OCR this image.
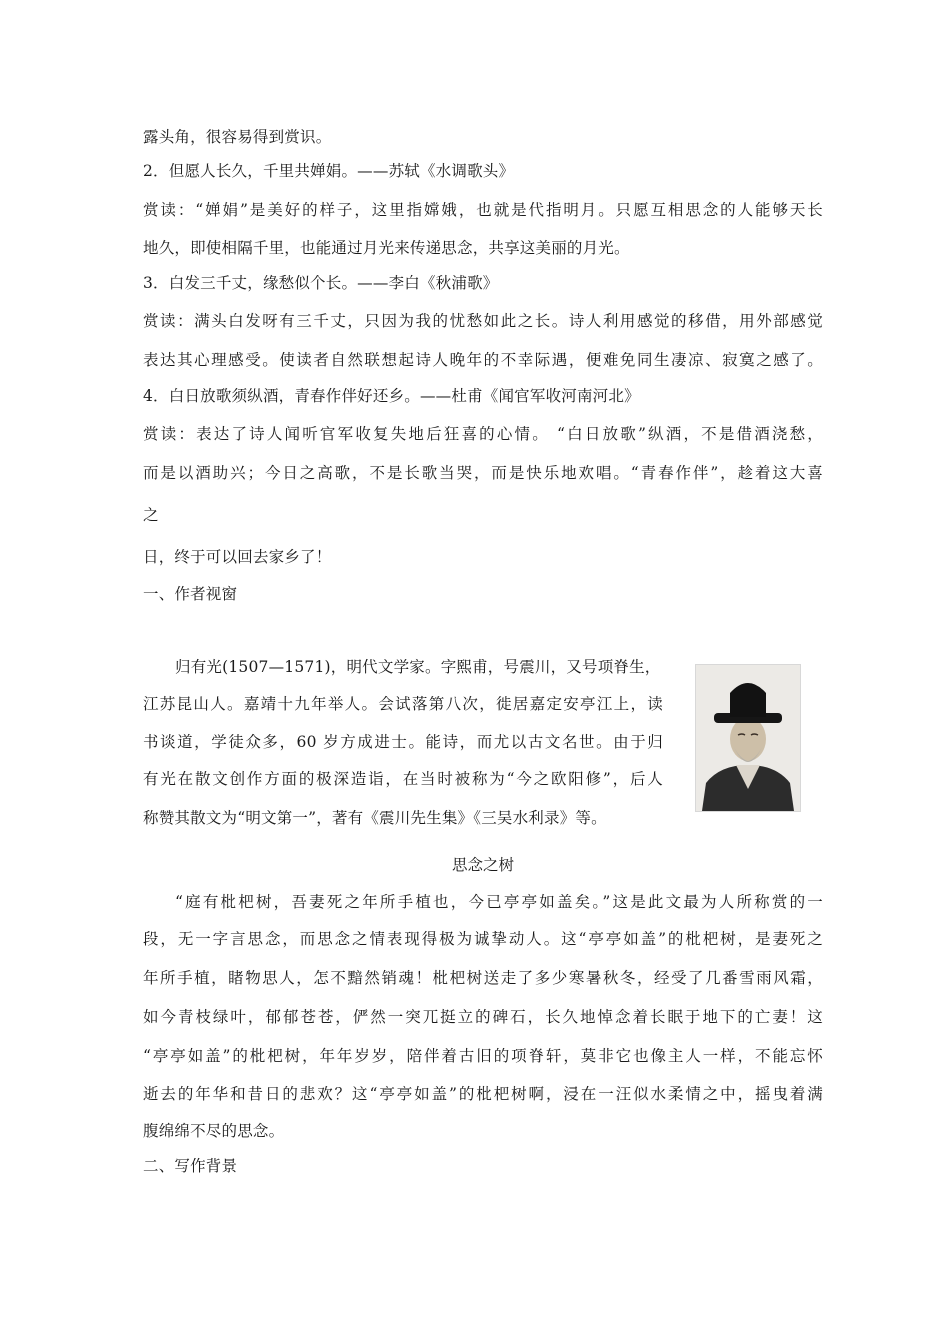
露头角，很容易得到赏识。
2．但愿人长久，千里共婵娟。——苏轼《水调歌头》
赏读：“婵娟”是美好的样子，这里指嫦娥，也就是代指明月。只愿互相思念的人能够天长
地久，即使相隔千里，也能通过月光来传递思念，共享这美丽的月光。
3．白发三千丈，缘愁似个长。——李白《秋浦歌》
赏读：满头白发呀有三千丈，只因为我的忧愁如此之长。诗人利用感觉的移借，用外部感觉
表达其心理感受。使读者自然联想起诗人晚年的不幸际遇，便难免同生凄凉、寂寞之感了。
4．白日放歌须纵酒，青春作伴好还乡。——杜甫《闻官军收河南河北》
赏读：表达了诗人闻听官军收复失地后狂喜的心情。 “白日放歌”纵酒，不是借酒浇愁，
而是以酒助兴；今日之高歌，不是长歌当哭，而是快乐地欢唱。“青春作伴”，趁着这大喜
之
日，终于可以回去家乡了！
一、作者视窗
归有光(1507—1571)，明代文学家。字熙甫，号震川，又号项脊生，
江苏昆山人。嘉靖十九年举人。会试落第八次，徙居嘉定安亭江上，读
书谈道，学徒众多，60 岁方成进士。能诗，而尤以古文名世。由于归
有光在散文创作方面的极深造诣，在当时被称为“今之欧阳修”，后人
称赞其散文为“明文第一”，著有《震川先生集》《三吴水利录》等。
思念之树
“庭有枇杷树，吾妻死之年所手植也，今已亭亭如盖矣。”这是此文最为人所称赏的一
段，无一字言思念，而思念之情表现得极为诚挚动人。这“亭亭如盖”的枇杷树，是妻死之
年所手植，睹物思人，怎不黯然销魂！枇杷树送走了多少寒暑秋冬，经受了几番雪雨风霜，
如今青枝绿叶，郁郁苍苍，俨然一突兀挺立的碑石，长久地悼念着长眠于地下的亡妻！这
“亭亭如盖”的枇杷树，年年岁岁，陪伴着古旧的项脊轩，莫非它也像主人一样，不能忘怀
逝去的年华和昔日的悲欢？这“亭亭如盖”的枇杷树啊，浸在一汪似水柔情之中，摇曳着满
腹绵绵不尽的思念。
二、写作背景
